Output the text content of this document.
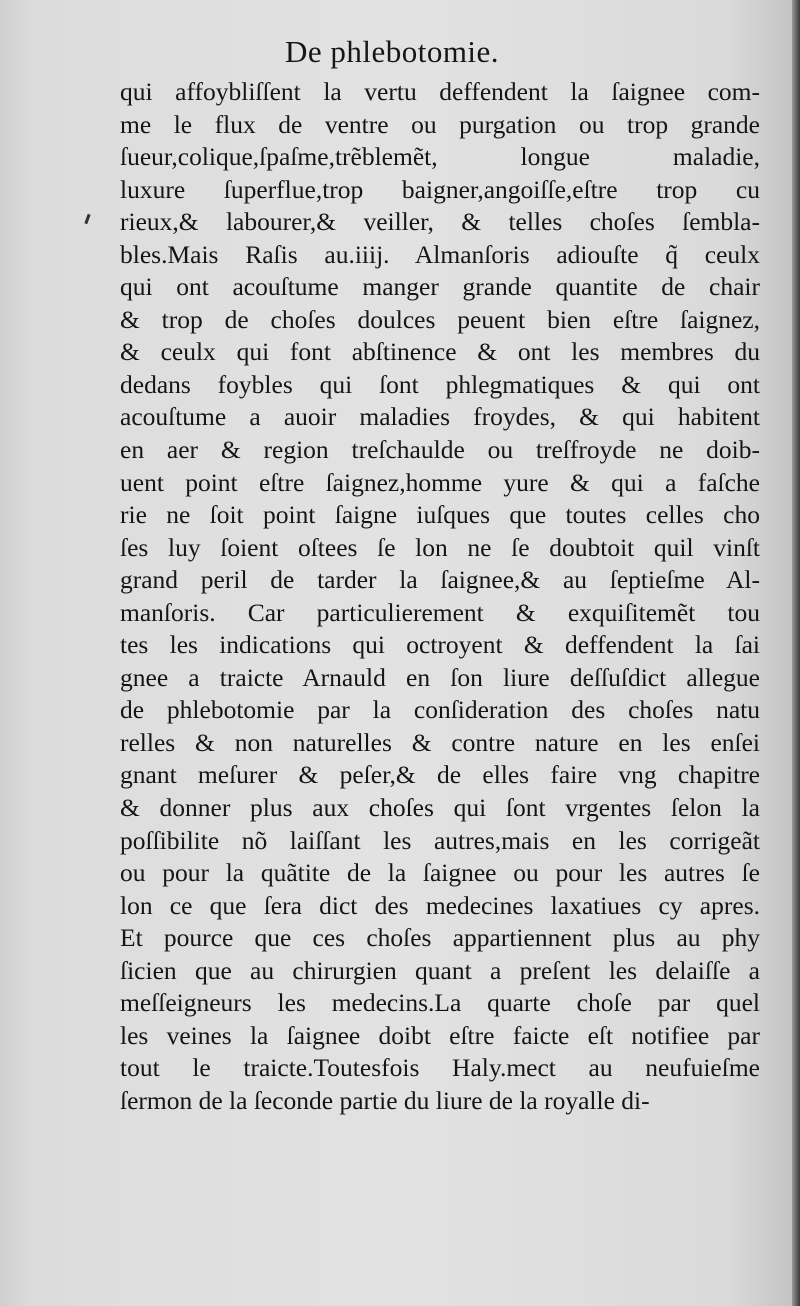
De phlebotomie.
qui affoybliſſent la vertu deffendent la ſaignee com-
me le flux de ventre ou purgation ou trop grande
ſueur,colique,ſpaſme,trẽblemẽt, longue maladie,
luxure ſuperflue,trop baigner,angoiſſe,eſtre trop cu
rieux,& labourer,& veiller, & telles choſes ſembla-
bles.Mais Raſis au.iiij. Almanſoris adiouſte q̃ ceulx
qui ont acouſtume manger grande quantite de chair
& trop de choſes doulces peuent bien eſtre ſaignez,
& ceulx qui font abſtinence & ont les membres du
dedans foybles qui ſont phlegmatiques & qui ont
acouſtume a auoir maladies froydes, & qui habitent
en aer & region treſchaulde ou treſfroyde ne doib-
uent point eſtre ſaignez,homme yure & qui a faſche
rie ne ſoit point ſaigne iuſques que toutes celles cho
ſes luy ſoient oſtees ſe lon ne ſe doubtoit quil vinſt
grand peril de tarder la ſaignee,& au ſeptieſme Al-
manſoris. Car particulierement & exquiſitemẽt tou
tes les indications qui octroyent & deffendent la ſai
gnee a traicte Arnauld en ſon liure deſſuſdict allegue
de phlebotomie par la conſideration des choſes natu
relles & non naturelles & contre nature en les enſei
gnant meſurer & peſer,& de elles faire vng chapitre
& donner plus aux choſes qui ſont vrgentes ſelon la
poſſibilite nõ laiſſant les autres,mais en les corrigeãt
ou pour la quãtite de la ſaignee ou pour les autres ſe
lon ce que ſera dict des medecines laxatiues cy apres.
Et pource que ces choſes appartiennent plus au phy
ſicien que au chirurgien quant a preſent les delaiſſe a
meſſeigneurs les medecins.La quarte choſe par quel
les veines la ſaignee doibt eſtre faicte eſt notifiee par
tout le traicte.Toutesfois Haly.mect au neufuieſme
ſermon de la ſeconde partie du liure de la royalle di-
